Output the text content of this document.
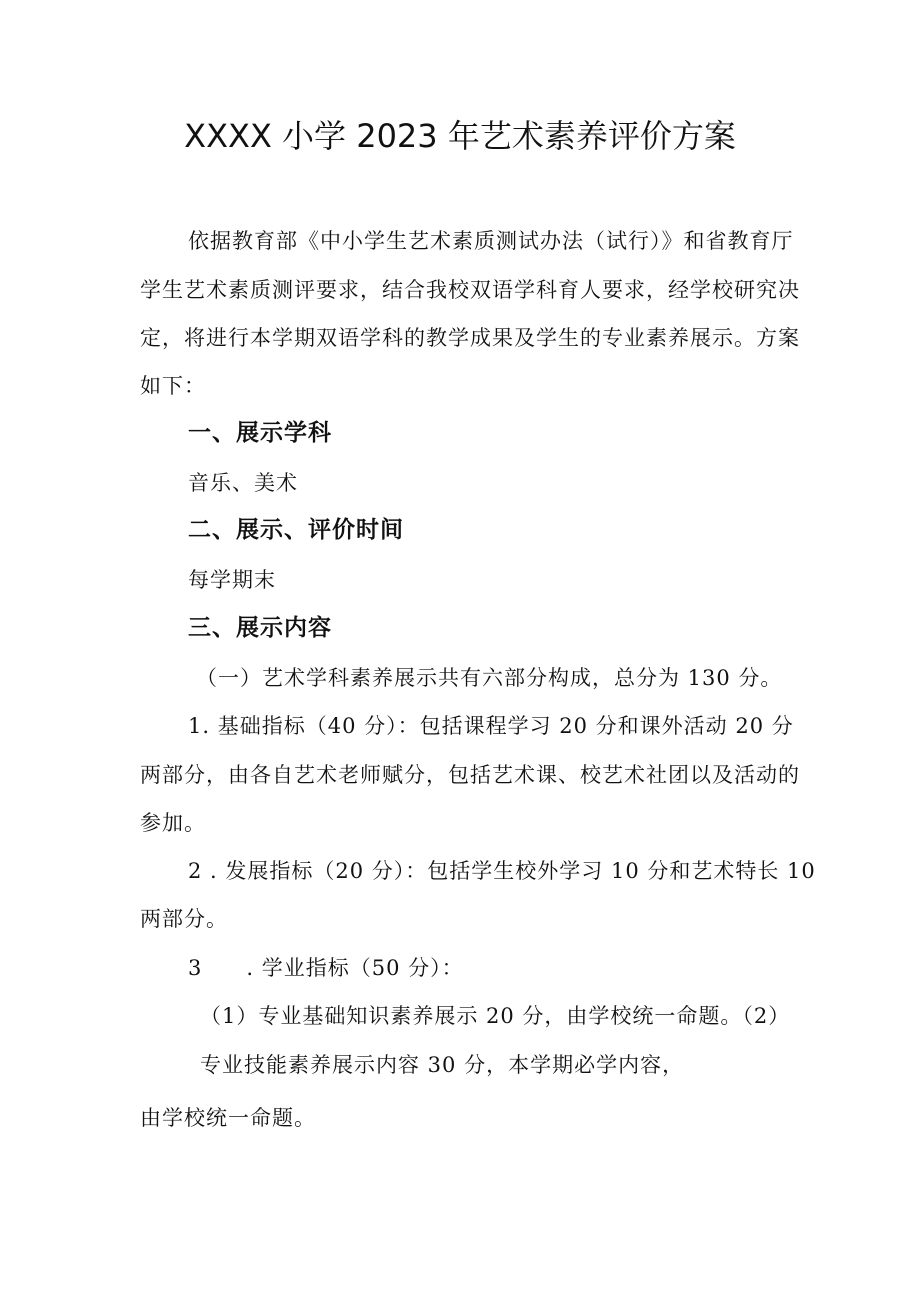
XXXX 小学 2023 年艺术素养评价方案
依据教育部《中小学生艺术素质测试办法（试行）》和省教育厅
学生艺术素质测评要求，结合我校双语学科育人要求，经学校研究决
定，将进行本学期双语学科的教学成果及学生的专业素养展示。方案
如下：
一、展示学科
音乐、美术
二、展示、评价时间
每学期末
三、展示内容
（一）艺术学科素养展示共有六部分构成，总分为 130 分。
1. 基础指标（40 分）：包括课程学习 20 分和课外活动 20 分
两部分，由各自艺术老师赋分，包括艺术课、校艺术社团以及活动的
参加。
2 . 发展指标（20 分）：包括学生校外学习 10 分和艺术特长 10
两部分。
3　　. 学业指标（50 分）：
（1）专业基础知识素养展示 20 分，由学校统一命题。（2）
专业技能素养展示内容 30 分，本学期必学内容，
由学校统一命题。
